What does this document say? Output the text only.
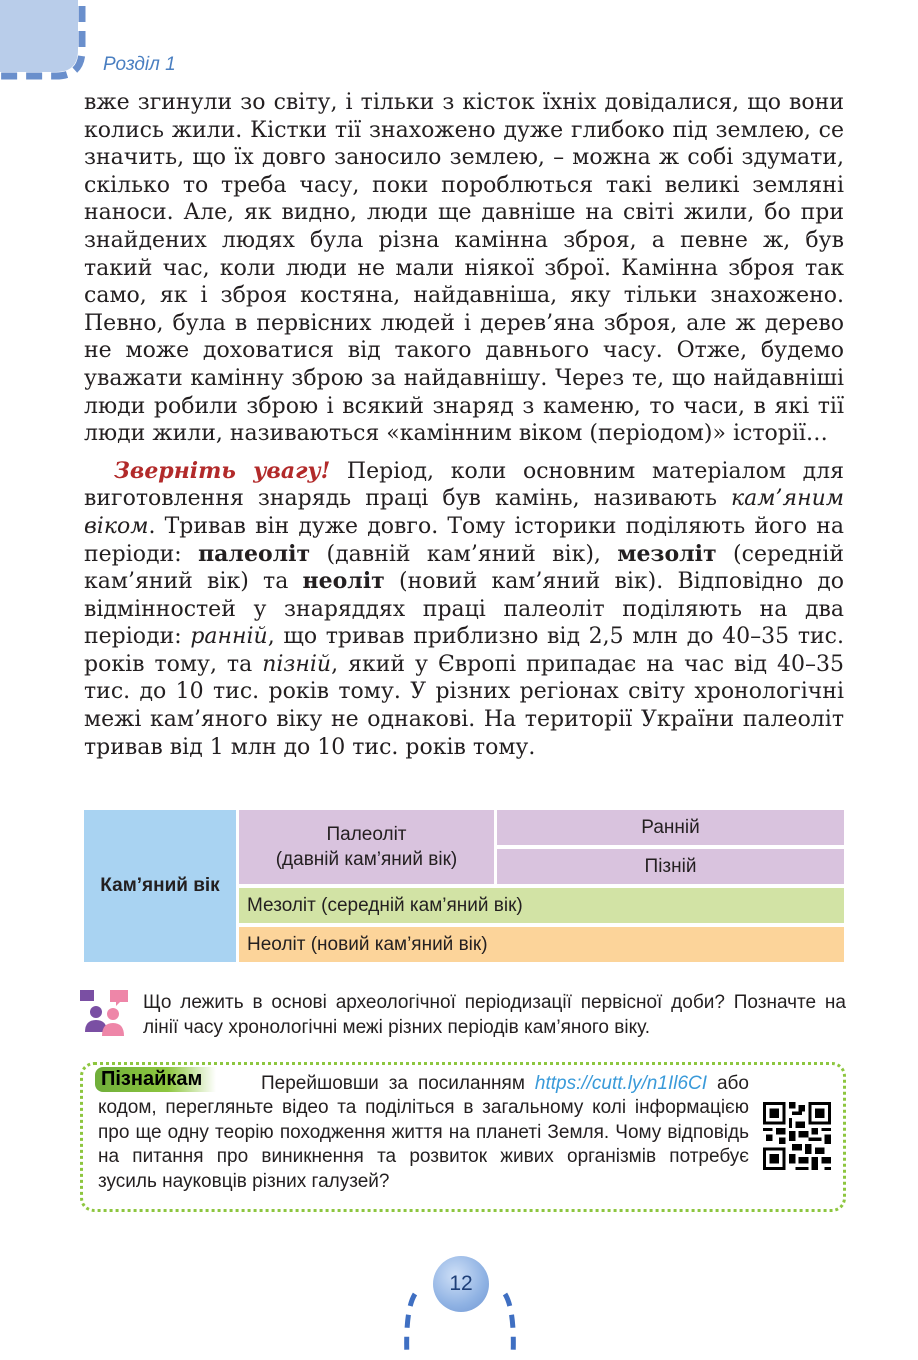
Розділ 1

вже згинули зо світу, і тільки з кісток їхніх довідалися, що вони колись жили. Кістки тії знахожено дуже глибоко під землею, се значить, що їх довго заносило землею, – можна ж собі здумати, скілько то треба часу, поки пороблються такі великі земляні наноси. Але, як видно, люди ще давніше на світі жили, бо при знайдених людях була різна камінна зброя, а певне ж, був такий час, коли люди не мали ніякої зброї. Камінна зброя так само, як і зброя костяна, найдавніша, яку тільки знахожено. Певно, була в первісних людей і дерев’яна зброя, але ж дерево не може доховатися від такого давнього часу. Отже, будемо уважати камінну зброю за найдавнішу. Через те, що найдавніші люди робили зброю і всякий знаряд з каменю, то часи, в які тії люди жили, називаються «камінним віком (періодом)» історії…

Зверніть увагу! Період, коли основним матеріалом для виготовлення знарядь праці був камінь, називають кам’яним віком. Тривав він дуже довго. Тому історики поділяють його на періоди: палеоліт (давній кам’яний вік), мезоліт (середній кам’яний вік) та неоліт (новий кам’яний вік). Відповідно до відмінностей у знаряддях праці палеоліт поділяють на два періоди: ранній, що тривав приблизно від 2,5 млн до 40–35 тис. років тому, та пізній, який у Європі припадає на час від 40–35 тис. до 10 тис. років тому. У різних регіонах світу хронологічні межі кам’яного віку не однакові. На території України палеоліт тривав від 1 млн до 10 тис. років тому.

Кам’яний вік
Палеоліт
(давній кам’яний вік)
Ранній
Пізній
Мезоліт (середній кам’яний вік)
Неоліт (новий кам’яний вік)
Що лежить в основі археологічної періодизації первісної доби? Позначте на лінії часу хронологічні межі різних періодів кам’яного віку.
Перейшовши за посиланням https://cutt.ly/n1Il6CI або кодом, перегляньте відео та поділіться в загальному колі інформацією про ще одну теорію походження життя на планеті Земля. Чому відповідь на питання про виникнення та розвиток живих організмів потребує зусиль науковців різних галузей?
Пізнайкам
12
